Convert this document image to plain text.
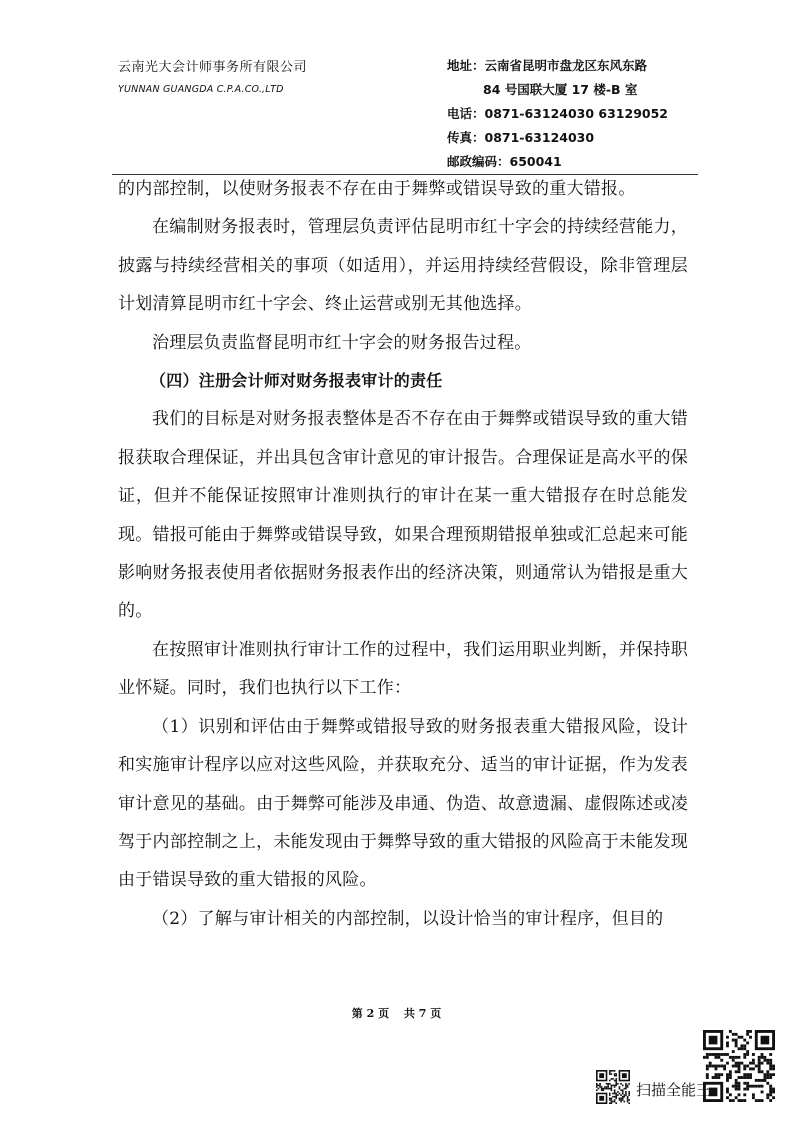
云南光大会计师事务所有限公司
YUNNAN GUANGDA C.P.A.CO.,LTD
地址：云南省昆明市盘龙区东风东路
84 号国联大厦 17 楼-B 室
电话：0871-63124030 63129052
传真：0871-63124030
邮政编码：650041

的内部控制，以使财务报表不存在由于舞弊或错误导致的重大错报。

在编制财务报表时，管理层负责评估昆明市红十字会的持续经营能力，披露与持续经营相关的事项（如适用），并运用持续经营假设，除非管理层计划清算昆明市红十字会、终止运营或别无其他选择。

治理层负责监督昆明市红十字会的财务报告过程。

（四）注册会计师对财务报表审计的责任

我们的目标是对财务报表整体是否不存在由于舞弊或错误导致的重大错报获取合理保证，并出具包含审计意见的审计报告。合理保证是高水平的保证，但并不能保证按照审计准则执行的审计在某一重大错报存在时总能发现。错报可能由于舞弊或错误导致，如果合理预期错报单独或汇总起来可能影响财务报表使用者依据财务报表作出的经济决策，则通常认为错报是重大的。

在按照审计准则执行审计工作的过程中，我们运用职业判断，并保持职业怀疑。同时，我们也执行以下工作：

（1）识别和评估由于舞弊或错报导致的财务报表重大错报风险，设计和实施审计程序以应对这些风险，并获取充分、适当的审计证据，作为发表审计意见的基础。由于舞弊可能涉及串通、伪造、故意遗漏、虚假陈述或凌驾于内部控制之上，未能发现由于舞弊导致的重大错报的风险高于未能发现由于错误导致的重大错报的风险。

（2）了解与审计相关的内部控制，以设计恰当的审计程序，但目的

第 2 页　 共 7 页
扫描全能王
